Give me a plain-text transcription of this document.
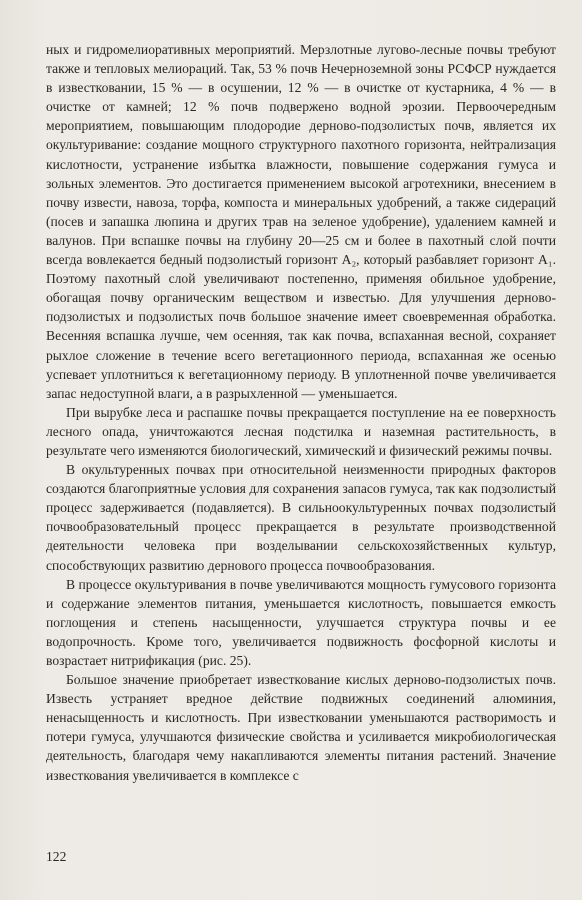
ных и гидромелиоративных мероприятий. Мерзлотные лугово-лесные почвы требуют также и тепловых мелиораций. Так, 53 % почв Нечерноземной зоны РСФСР нуждается в известковании, 15 % — в осушении, 12 % — в очистке от кустарника, 4 % — в очистке от камней; 12 % почв подвержено водной эрозии. Первоочередным мероприятием, повышающим плодородие дерново-подзолистых почв, является их окультуривание: создание мощного структурного пахотного горизонта, нейтрализация кислотности, устранение избытка влажности, повышение содержания гумуса и зольных элементов. Это достигается применением высокой агротехники, внесением в почву извести, навоза, торфа, компоста и минеральных удобрений, а также сидераций (посев и запашка люпина и других трав на зеленое удобрение), удалением камней и валунов. При вспашке почвы на глубину 20—25 см и более в пахотный слой почти всегда вовлекается бедный подзолистый горизонт A₂, который разбавляет горизонт A₁. Поэтому пахотный слой увеличивают постепенно, применяя обильное удобрение, обогащая почву органическим веществом и известью. Для улучшения дерново-подзолистых и подзолистых почв большое значение имеет своевременная обработка. Весенняя вспашка лучше, чем осенняя, так как почва, вспаханная весной, сохраняет рыхлое сложение в течение всего вегетационного периода, вспаханная же осенью успевает уплотниться к вегетационному периоду. В уплотненной почве увеличивается запас недоступной влаги, а в разрыхленной — уменьшается.

При вырубке леса и распашке почвы прекращается поступление на ее поверхность лесного опада, уничтожаются лесная подстилка и наземная растительность, в результате чего изменяются биологический, химический и физический режимы почвы.

В окультуренных почвах при относительной неизменности природных факторов создаются благоприятные условия для сохранения запасов гумуса, так как подзолистый процесс задерживается (подавляется). В сильноокультуренных почвах подзолистый почвообразовательный процесс прекращается в результате производственной деятельности человека при возделывании сельскохозяйственных культур, способствующих развитию дернового процесса почвообразования.

В процессе окультуривания в почве увеличиваются мощность гумусового горизонта и содержание элементов питания, уменьшается кислотность, повышается емкость поглощения и степень насыщенности, улучшается структура почвы и ее водопрочность. Кроме того, увеличивается подвижность фосфорной кислоты и возрастает нитрификация (рис. 25).

Большое значение приобретает известкование кислых дерново-подзолистых почв. Известь устраняет вредное действие подвижных соединений алюминия, ненасыщенность и кислотность. При известковании уменьшаются растворимость и потери гумуса, улучшаются физические свойства и усиливается микробиологическая деятельность, благодаря чему накапливаются элементы питания растений. Значение известкования увеличивается в комплексе с

122
